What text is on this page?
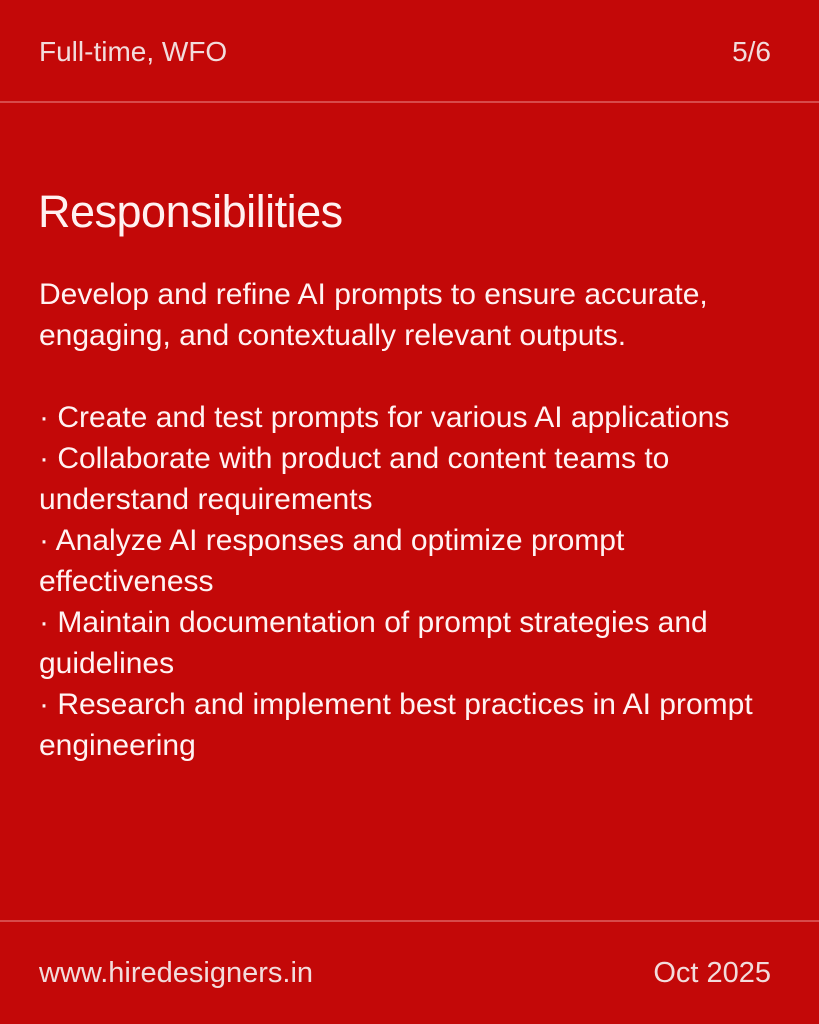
Full-time, WFO	5/6
Responsibilities

Develop and refine AI prompts to ensure accurate, engaging, and contextually relevant outputs.

· Create and test prompts for various AI applications
· Collaborate with product and content teams to understand requirements
· Analyze AI responses and optimize prompt effectiveness
· Maintain documentation of prompt strategies and guidelines
· Research and implement best practices in AI prompt engineering
www.hiredesigners.in	Oct 2025
